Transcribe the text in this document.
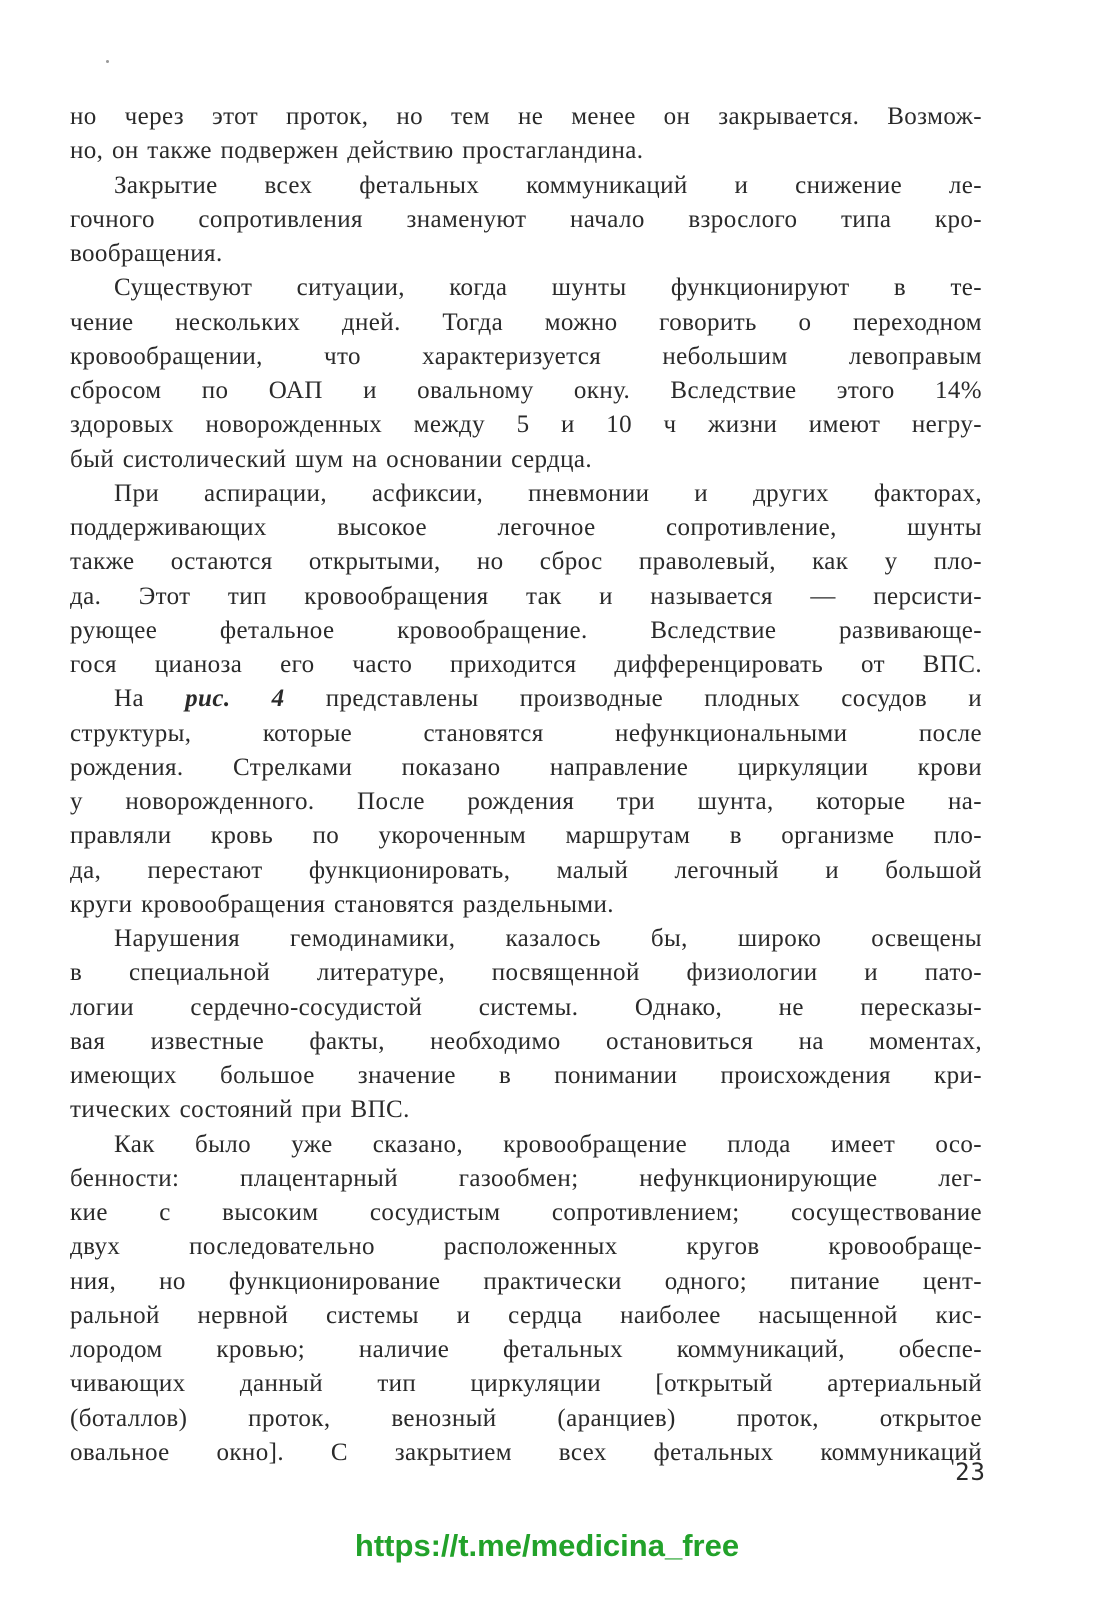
но через этот проток, но тем не менее он закрывается. Возмож-
но, он также подвержен действию простагландина.
Закрытие всех фетальных коммуникаций и снижение ле-
гочного сопротивления знаменуют начало взрослого типа кро-
вообращения.
Существуют ситуации, когда шунты функционируют в те-
чение нескольких дней. Тогда можно говорить о переходном
кровообращении, что характеризуется небольшим левоправым
сбросом по ОАП и овальному окну. Вследствие этого 14%
здоровых новорожденных между 5 и 10 ч жизни имеют негру-
бый систолический шум на основании сердца.
При аспирации, асфиксии, пневмонии и других факторах,
поддерживающих высокое легочное сопротивление, шунты
также остаются открытыми, но сброс праволевый, как у пло-
да. Этот тип кровообращения так и называется — персисти-
рующее фетальное кровообращение. Вследствие развивающе-
гося цианоза его часто приходится дифференцировать от ВПС.
На рис. 4 представлены производные плодных сосудов и
структуры, которые становятся нефункциональными после
рождения. Стрелками показано направление циркуляции крови
у новорожденного. После рождения три шунта, которые на-
правляли кровь по укороченным маршрутам в организме пло-
да, перестают функционировать, малый легочный и большой
круги кровообращения становятся раздельными.
Нарушения гемодинамики, казалось бы, широко освещены
в специальной литературе, посвященной физиологии и пато-
логии сердечно-сосудистой системы. Однако, не пересказы-
вая известные факты, необходимо остановиться на моментах,
имеющих большое значение в понимании происхождения кри-
тических состояний при ВПС.
Как было уже сказано, кровообращение плода имеет осо-
бенности: плацентарный газообмен; нефункционирующие лег-
кие с высоким сосудистым сопротивлением; сосуществование
двух последовательно расположенных кругов кровообраще-
ния, но функционирование практически одного; питание цент-
ральной нервной системы и сердца наиболее насыщенной кис-
лородом кровью; наличие фетальных коммуникаций, обеспе-
чивающих данный тип циркуляции [открытый артериальный
(боталлов) проток, венозный (аранциев) проток, открытое
овальное окно]. С закрытием всех фетальных коммуникаций
23
https://t.me/medicina_free
